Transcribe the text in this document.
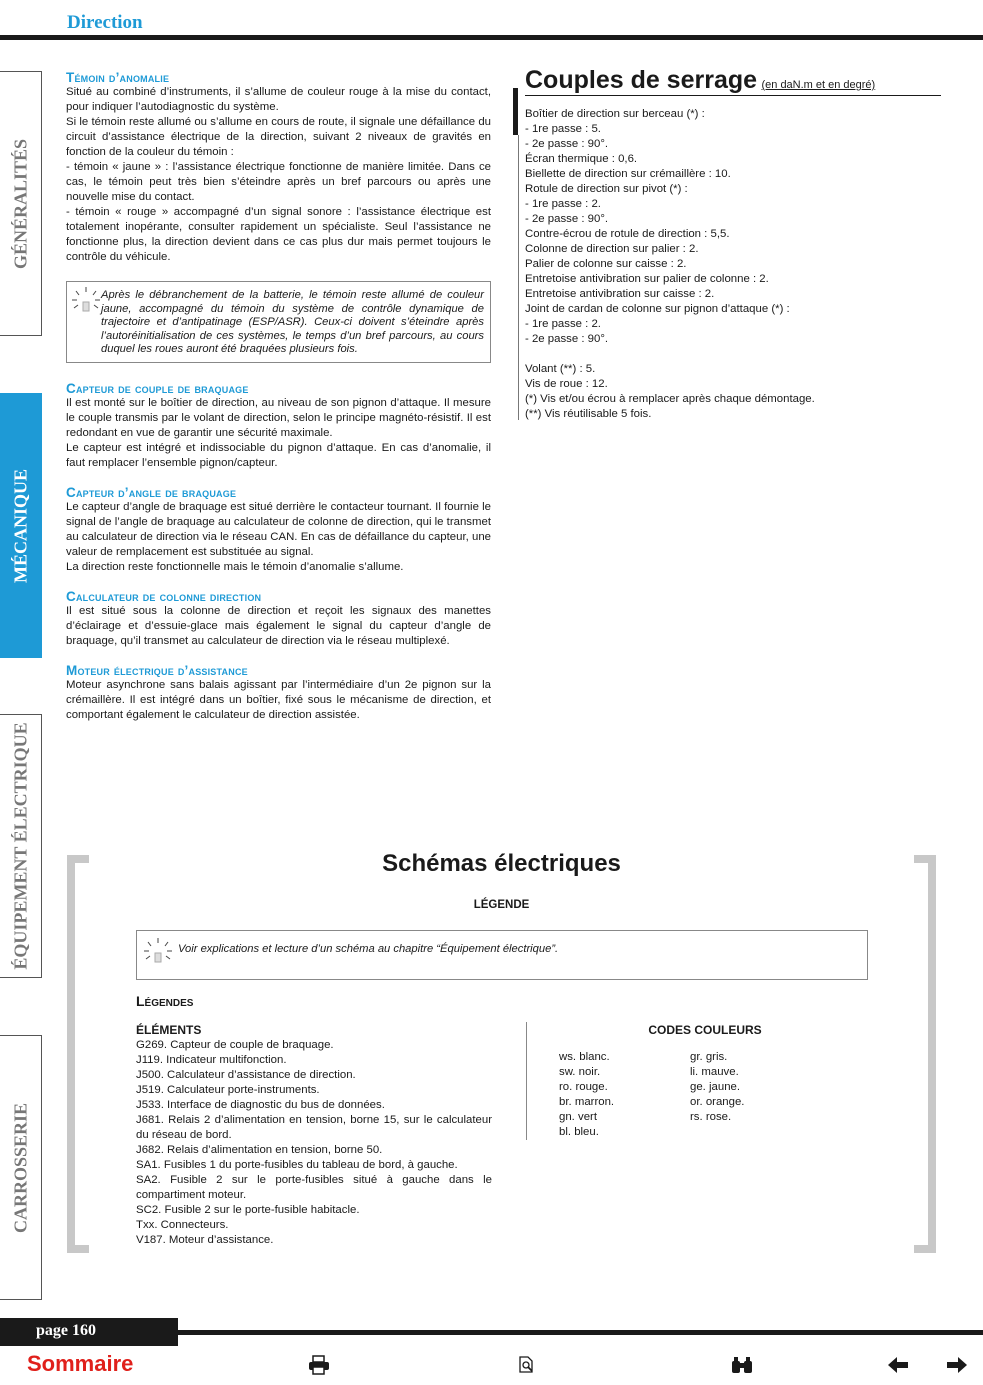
Direction
GÉNÉRALITÉS
MÉCANIQUE
ÉQUIPEMENT ÉLECTRIQUE
CARROSSERIE
Témoin d’anomalie

Situé au combiné d’instruments, il s’allume de couleur rouge à la mise du contact, pour indiquer l’autodiagnostic du système.
Si le témoin reste allumé ou s’allume en cours de route, il signale une défaillance du circuit d’assistance électrique de la direction, suivant 2 niveaux de gravités en fonction de la couleur du témoin :
- témoin « jaune » : l’assistance électrique fonctionne de manière limitée. Dans ce cas, le témoin peut très bien s’éteindre après un bref parcours ou après une nouvelle mise du contact.
- témoin « rouge » accompagné d’un signal sonore : l’assistance électrique est totalement inopérante, consulter rapidement un spécialiste. Seul l’assistance ne fonctionne plus, la direction devient dans ce cas plus dur mais permet toujours le contrôle du véhicule.

Après le débranchement de la batterie, le témoin reste allumé de couleur jaune, accompagné du témoin du système de contrôle dynamique de trajectoire et d’antipatinage (ESP/ASR). Ceux-ci doivent s’éteindre après l’autoréinitialisation de ces systèmes, le temps d’un bref parcours, au cours duquel les roues auront été braquées plusieurs fois.
Capteur de couple de braquage

Il est monté sur le boîtier de direction, au niveau de son pignon d’attaque. Il mesure le couple transmis par le volant de direction, selon le principe magnéto-résistif. Il est redondant en vue de garantir une sécurité maximale.
Le capteur est intégré et indissociable du pignon d’attaque. En cas d’anomalie, il faut remplacer l’ensemble pignon/capteur.

Capteur d’angle de braquage

Le capteur d’angle de braquage est situé derrière le contacteur tournant. Il fournie le signal de l’angle de braquage au calculateur de colonne de direction, qui le transmet au calculateur de direction via le réseau CAN. En cas de défaillance du capteur, une valeur de remplacement est substituée au signal.
La direction reste fonctionnelle mais le témoin d’anomalie s’allume.

Calculateur de colonne direction

Il est situé sous la colonne de direction et reçoit les signaux des manettes d’éclairage et d’essuie-glace mais également le signal du capteur d’angle de braquage, qu’il transmet au calculateur de direction via le réseau multiplexé.

Moteur électrique d’assistance

Moteur asynchrone sans balais agissant par l’intermédiaire d’un 2e pignon sur la crémaillère. Il est intégré dans un boîtier, fixé sous le mécanisme de direction, et comportant également le calculateur de direction assistée.

Couples de serrage (en daN.m et en degré)
Boîtier de direction sur berceau (*) :
- 1re passe : 5.
- 2e passe : 90°.
Écran thermique : 0,6.
Biellette de direction sur crémaillère : 10.
Rotule de direction sur pivot (*) :
- 1re passe : 2.
- 2e passe : 90°.
Contre-écrou de rotule de direction : 5,5.
Colonne de direction sur palier : 2.
Palier de colonne sur caisse : 2.
Entretoise antivibration sur palier de colonne : 2.
Entretoise antivibration sur caisse : 2.
Joint de cardan de colonne sur pignon d’attaque (*) :
- 1re passe : 2.
- 2e passe : 90°.
Volant (**) : 5.
Vis de roue : 12.
(*) Vis et/ou écrou à remplacer après chaque démontage.
(**) Vis réutilisable 5 fois.
Schémas électriques
LÉGENDE
Voir explications et lecture d’un schéma au chapitre “Équipement électrique”.
Légendes
ÉLÉMENTS
G269. Capteur de couple de braquage.
J119. Indicateur multifonction.
J500. Calculateur d’assistance de direction.
J519. Calculateur porte-instruments.
J533. Interface de diagnostic du bus de données.
J681. Relais 2 d’alimentation en tension, borne 15, sur le calculateur du réseau de bord.
J682. Relais d’alimentation en tension, borne 50.
SA1. Fusibles 1 du porte-fusibles du tableau de bord, à gauche.
SA2. Fusible 2 sur le porte-fusibles situé à gauche dans le compartiment moteur.
SC2. Fusible 2 sur le porte-fusible habitacle.
Txx. Connecteurs.
V187. Moteur d’assistance.
CODES COULEURS
ws. blanc.
sw. noir.
ro. rouge.
br. marron.
gn. vert
bl. bleu.
gr. gris.
li. mauve.
ge. jaune.
or. orange.
rs. rose.
page 160
Sommaire
